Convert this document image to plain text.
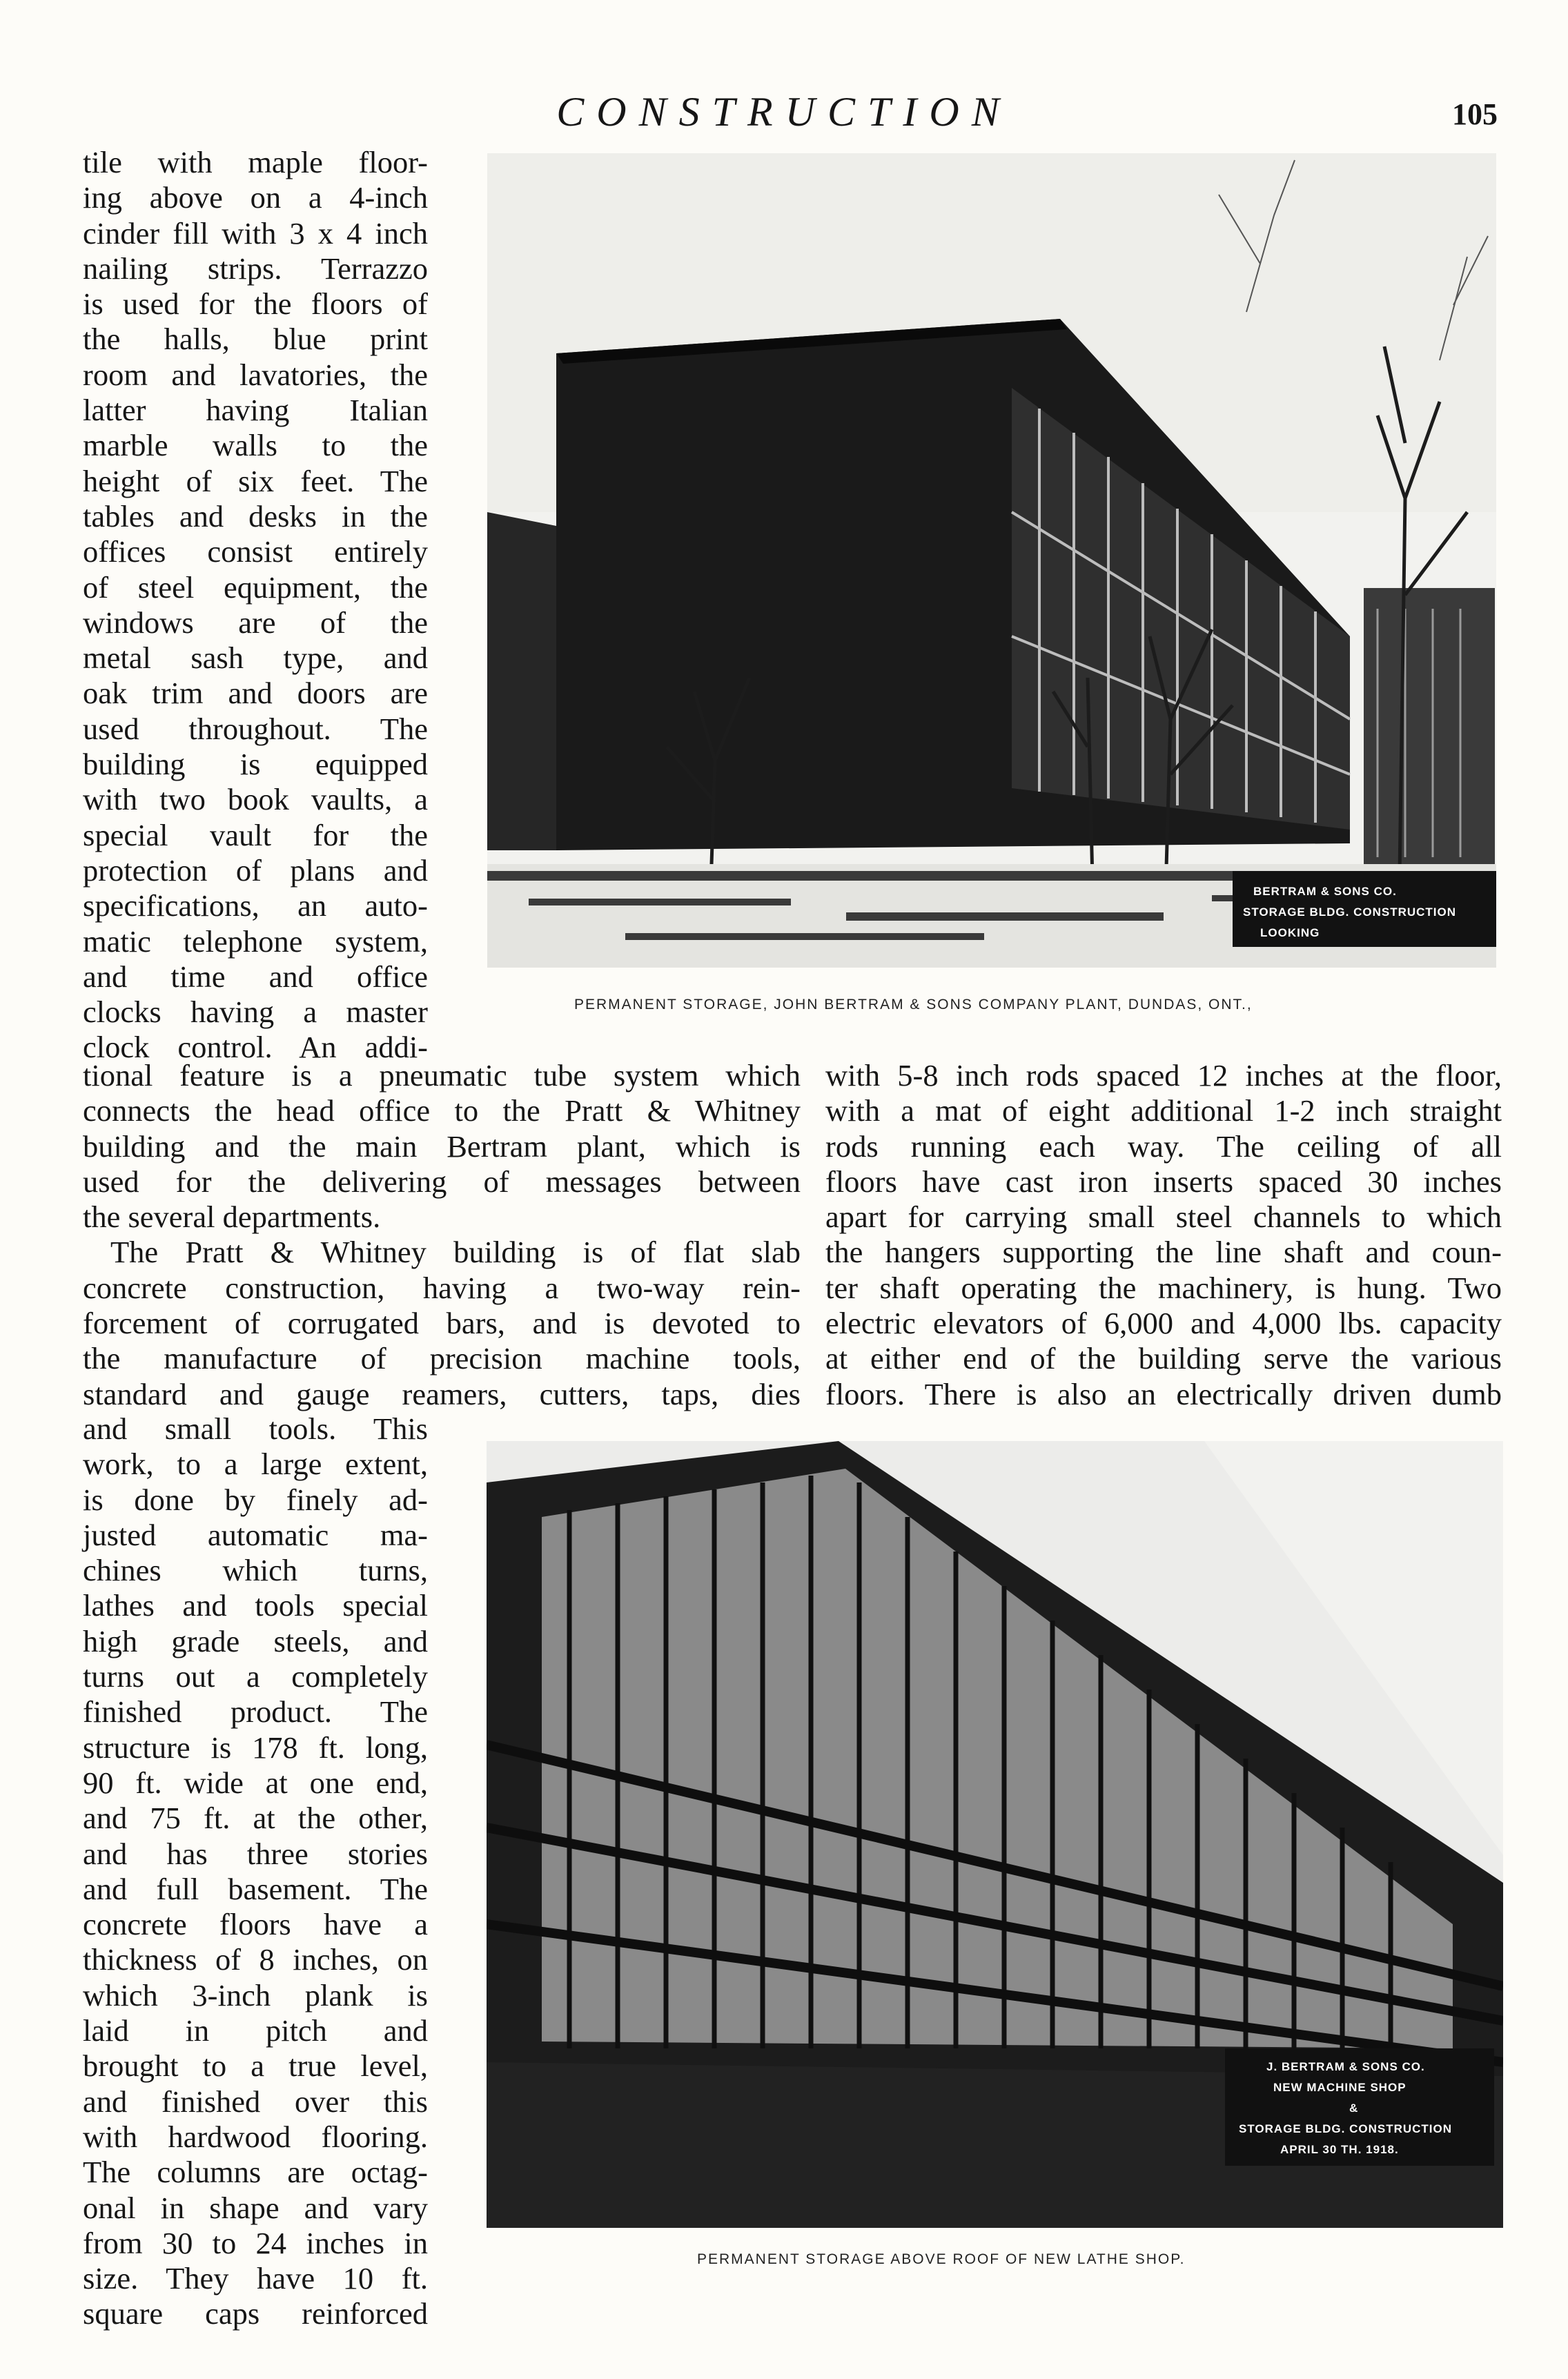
CONSTRUCTION	105
tile with maple floor-
ing above on a 4-inch
cinder fill with 3 x 4 inch
nailing strips. Terrazzo
is used for the floors of
the halls, blue print
room and lavatories, the
latter having Italian
marble walls to the
height of six feet. The
tables and desks in the
offices consist entirely
of steel equipment, the
windows are of the
metal sash type, and
oak trim and doors are
used throughout. The
building is equipped
with two book vaults, a
special vault for the
protection of plans and
specifications, an auto-
matic telephone system,
and time and office
clocks having a master
clock control. An addi-
tional feature is a pneumatic tube system which
connects the head office to the Pratt & Whitney
building and the main Bertram plant, which is
used for the delivering of messages between
the several departments.
The Pratt & Whitney building is of flat slab
concrete construction, having a two-way rein-
forcement of corrugated bars, and is devoted to
the manufacture of precision machine tools,
standard and gauge reamers, cutters, taps, dies
and small tools. This
work, to a large extent,
is done by finely ad-
justed automatic ma-
chines which turns,
lathes and tools special
high grade steels, and
turns out a completely
finished product. The
structure is 178 ft. long,
90 ft. wide at one end,
and 75 ft. at the other,
and has three stories
and full basement. The
concrete floors have a
thickness of 8 inches, on
which 3-inch plank is
laid in pitch and
brought to a true level,
and finished over this
with hardwood flooring.
The columns are octag-
onal in shape and vary
from 30 to 24 inches in
size. They have 10 ft.
square caps reinforced
with 5-8 inch rods spaced 12 inches at the floor,
with a mat of eight additional 1-2 inch straight
rods running each way. The ceiling of all
floors have cast iron inserts spaced 30 inches
apart for carrying small steel channels to which
the hangers supporting the line shaft and coun-
ter shaft operating the machinery, is hung. Two
electric elevators of 6,000 and 4,000 lbs. capacity
at either end of the building serve the various
floors. There is also an electrically driven dumb
BERTRAM & SONS CO.
STORAGE BLDG. CONSTRUCTION
LOOKING
PERMANENT STORAGE, JOHN BERTRAM & SONS COMPANY PLANT, DUNDAS, ONT.,
J. BERTRAM & SONS CO.
NEW MACHINE SHOP
&
STORAGE BLDG. CONSTRUCTION
APRIL 30 TH. 1918.
PERMANENT STORAGE ABOVE ROOF OF NEW LATHE SHOP.
